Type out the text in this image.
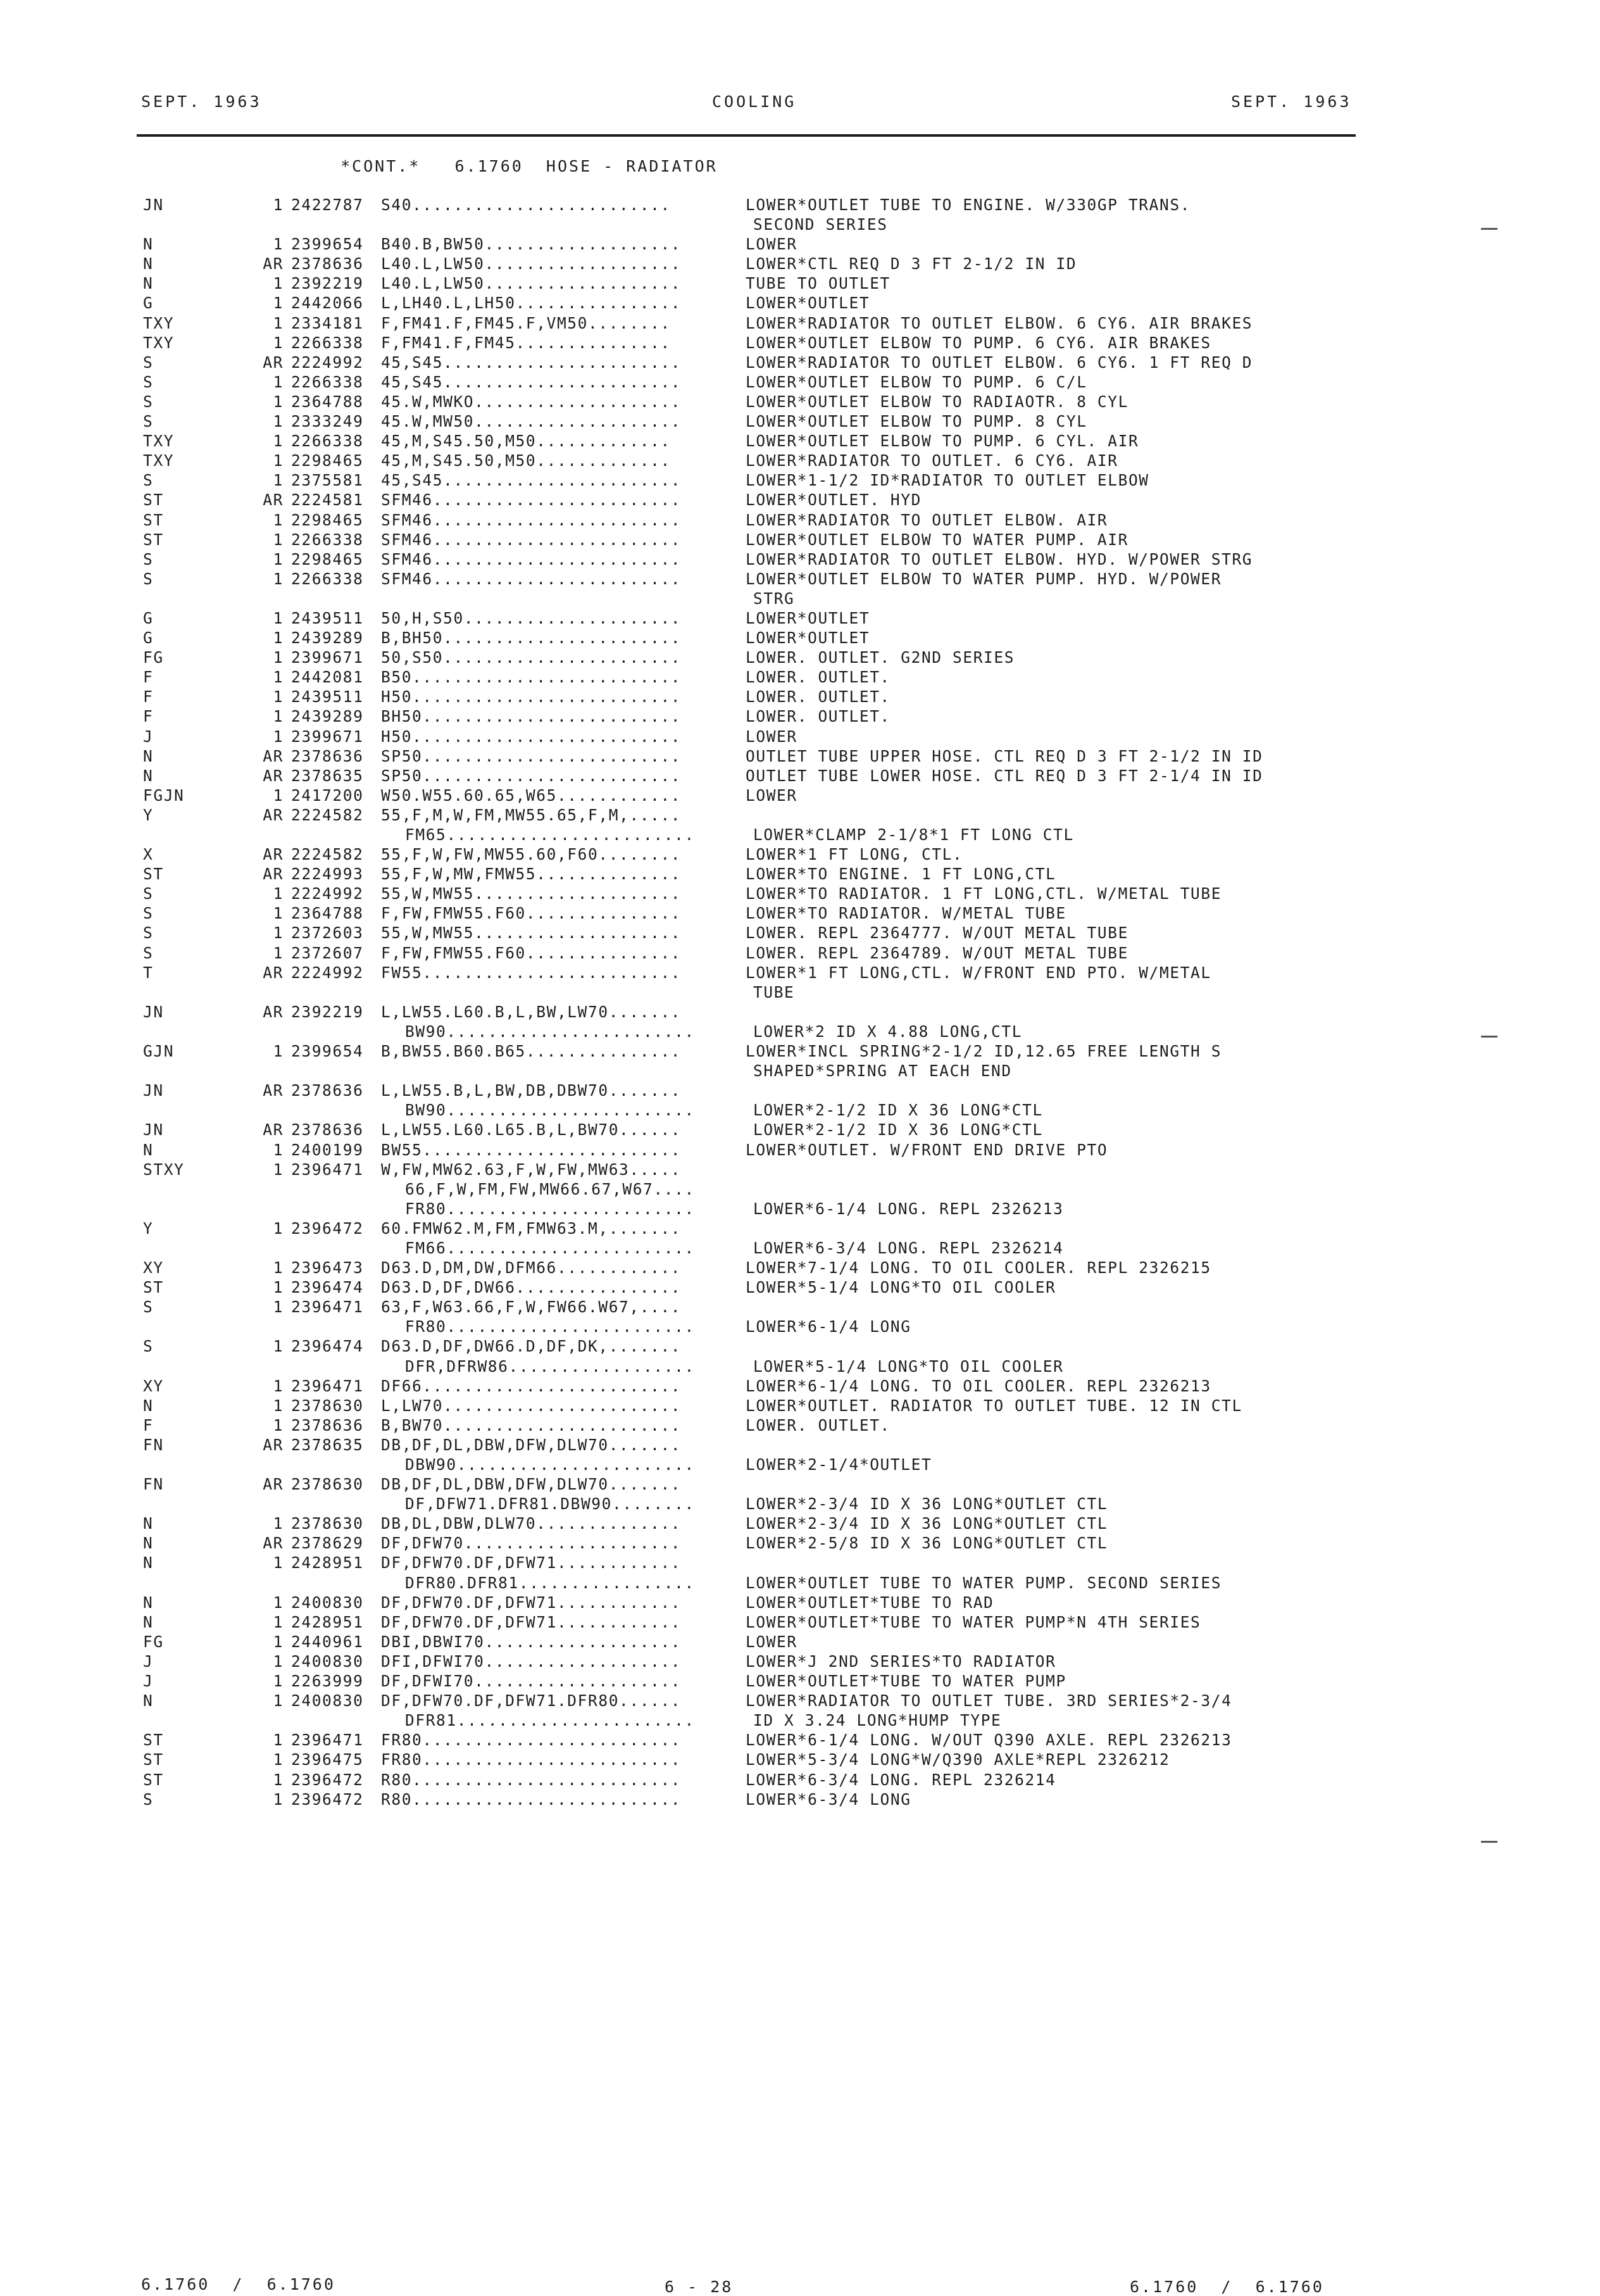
SEPT. 1963	COOLING	SEPT. 1963
*CONT.*   6.1760  HOSE - RADIATOR
JN	1 2422787 S40.........................	LOWER*OUTLET TUBE TO ENGINE. W/330GP TRANS.
SECOND SERIES
N	1 2399654 B40.B,BW50...................	LOWER
N	AR 2378636 L40.L,LW50...................	LOWER*CTL REQ D 3 FT 2-1/2 IN ID
N	1 2392219 L40.L,LW50...................	TUBE TO OUTLET
G	1 2442066 L,LH40.L,LH50................	LOWER*OUTLET
TXY	1 2334181 F,FM41.F,FM45.F,VM50........	LOWER*RADIATOR TO OUTLET ELBOW. 6 CY6. AIR BRAKES
TXY	1 2266338 F,FM41.F,FM45...............	LOWER*OUTLET ELBOW TO PUMP. 6 CY6. AIR BRAKES
S	AR 2224992 45,S45.......................	LOWER*RADIATOR TO OUTLET ELBOW. 6 CY6. 1 FT REQ D
S	1 2266338 45,S45.......................	LOWER*OUTLET ELBOW TO PUMP. 6 C/L
S	1 2364788 45.W,MWKO....................	LOWER*OUTLET ELBOW TO RADIAOTR. 8 CYL
S	1 2333249 45.W,MW50....................	LOWER*OUTLET ELBOW TO PUMP. 8 CYL
TXY	1 2266338 45,M,S45.50,M50.............	LOWER*OUTLET ELBOW TO PUMP. 6 CYL. AIR
TXY	1 2298465 45,M,S45.50,M50.............	LOWER*RADIATOR TO OUTLET. 6 CY6. AIR
S	1 2375581 45,S45.......................	LOWER*1-1/2 ID*RADIATOR TO OUTLET ELBOW
ST	AR 2224581 SFM46........................	LOWER*OUTLET. HYD
ST	1 2298465 SFM46........................	LOWER*RADIATOR TO OUTLET ELBOW. AIR
ST	1 2266338 SFM46........................	LOWER*OUTLET ELBOW TO WATER PUMP. AIR
S	1 2298465 SFM46........................	LOWER*RADIATOR TO OUTLET ELBOW. HYD. W/POWER STRG
S	1 2266338 SFM46........................	LOWER*OUTLET ELBOW TO WATER PUMP. HYD. W/POWER
STRG
G	1 2439511 50,H,S50.....................	LOWER*OUTLET
G	1 2439289 B,BH50.......................	LOWER*OUTLET
FG	1 2399671 50,S50.......................	LOWER. OUTLET. G2ND SERIES
F	1 2442081 B50..........................	LOWER. OUTLET.
F	1 2439511 H50..........................	LOWER. OUTLET.
F	1 2439289 BH50.........................	LOWER. OUTLET.
J	1 2399671 H50..........................	LOWER
N	AR 2378636 SP50.........................	OUTLET TUBE UPPER HOSE. CTL REQ D 3 FT 2-1/2 IN ID
N	AR 2378635 SP50.........................	OUTLET TUBE LOWER HOSE. CTL REQ D 3 FT 2-1/4 IN ID
FGJN	1 2417200 W50.W55.60.65,W65............	LOWER
Y	AR 2224582 55,F,M,W,FM,MW55.65,F,M,.....
FM65........................	LOWER*CLAMP 2-1/8*1 FT LONG CTL
X	AR 2224582 55,F,W,FW,MW55.60,F60........	LOWER*1 FT LONG, CTL.
ST	AR 2224993 55,F,W,MW,FMW55..............	LOWER*TO ENGINE. 1 FT LONG,CTL
S	1 2224992 55,W,MW55....................	LOWER*TO RADIATOR. 1 FT LONG,CTL. W/METAL TUBE
S	1 2364788 F,FW,FMW55.F60...............	LOWER*TO RADIATOR. W/METAL TUBE
S	1 2372603 55,W,MW55....................	LOWER. REPL 2364777. W/OUT METAL TUBE
S	1 2372607 F,FW,FMW55.F60...............	LOWER. REPL 2364789. W/OUT METAL TUBE
T	AR 2224992 FW55.........................	LOWER*1 FT LONG,CTL. W/FRONT END PTO. W/METAL
TUBE
JN	AR 2392219 L,LW55.L60.B,L,BW,LW70.......
BW90........................	LOWER*2 ID X 4.88 LONG,CTL
GJN	1 2399654 B,BW55.B60.B65...............	LOWER*INCL SPRING*2-1/2 ID,12.65 FREE LENGTH S
SHAPED*SPRING AT EACH END
JN	AR 2378636 L,LW55.B,L,BW,DB,DBW70.......
BW90........................	LOWER*2-1/2 ID X 36 LONG*CTL
JN	AR 2378636 L,LW55.L60.L65.B,L,BW70......	LOWER*2-1/2 ID X 36 LONG*CTL
N	1 2400199 BW55.........................	LOWER*OUTLET. W/FRONT END DRIVE PTO
STXY	1 2396471 W,FW,MW62.63,F,W,FW,MW63.....
66,F,W,FM,FW,MW66.67,W67....
FR80........................	LOWER*6-1/4 LONG. REPL 2326213
Y	1 2396472 60.FMW62.M,FM,FMW63.M,.......
FM66........................	LOWER*6-3/4 LONG. REPL 2326214
XY	1 2396473 D63.D,DM,DW,DFM66............	LOWER*7-1/4 LONG. TO OIL COOLER. REPL 2326215
ST	1 2396474 D63.D,DF,DW66................	LOWER*5-1/4 LONG*TO OIL COOLER
S	1 2396471 63,F,W63.66,F,W,FW66.W67,....
FR80........................	LOWER*6-1/4 LONG
S	1 2396474 D63.D,DF,DW66.D,DF,DK,.......
DFR,DFRW86..................	LOWER*5-1/4 LONG*TO OIL COOLER
XY	1 2396471 DF66.........................	LOWER*6-1/4 LONG. TO OIL COOLER. REPL 2326213
N	1 2378630 L,LW70.......................	LOWER*OUTLET. RADIATOR TO OUTLET TUBE. 12 IN CTL
F	1 2378636 B,BW70.......................	LOWER. OUTLET.
FN	AR 2378635 DB,DF,DL,DBW,DFW,DLW70.......
DBW90.......................	LOWER*2-1/4*OUTLET
FN	AR 2378630 DB,DF,DL,DBW,DFW,DLW70.......
DF,DFW71.DFR81.DBW90........	LOWER*2-3/4 ID X 36 LONG*OUTLET CTL
N	1 2378630 DB,DL,DBW,DLW70..............	LOWER*2-3/4 ID X 36 LONG*OUTLET CTL
N	AR 2378629 DF,DFW70.....................	LOWER*2-5/8 ID X 36 LONG*OUTLET CTL
N	1 2428951 DF,DFW70.DF,DFW71............
DFR80.DFR81.................	LOWER*OUTLET TUBE TO WATER PUMP. SECOND SERIES
N	1 2400830 DF,DFW70.DF,DFW71............	LOWER*OUTLET*TUBE TO RAD
N	1 2428951 DF,DFW70.DF,DFW71............	LOWER*OUTLET*TUBE TO WATER PUMP*N 4TH SERIES
FG	1 2440961 DBI,DBWI70...................	LOWER
J	1 2400830 DFI,DFWI70...................	LOWER*J 2ND SERIES*TO RADIATOR
J	1 2263999 DF,DFWI70....................	LOWER*OUTLET*TUBE TO WATER PUMP
N	1 2400830 DF,DFW70.DF,DFW71.DFR80......	LOWER*RADIATOR TO OUTLET TUBE. 3RD SERIES*2-3/4
DFR81.......................	ID X 3.24 LONG*HUMP TYPE
ST	1 2396471 FR80.........................	LOWER*6-1/4 LONG. W/OUT Q390 AXLE. REPL 2326213
ST	1 2396475 FR80.........................	LOWER*5-3/4 LONG*W/Q390 AXLE*REPL 2326212
ST	1 2396472 R80..........................	LOWER*6-3/4 LONG. REPL 2326214
S	1 2396472 R80..........................	LOWER*6-3/4 LONG
6.1760  /  6.1760	6 - 28	6.1760  /  6.1760
